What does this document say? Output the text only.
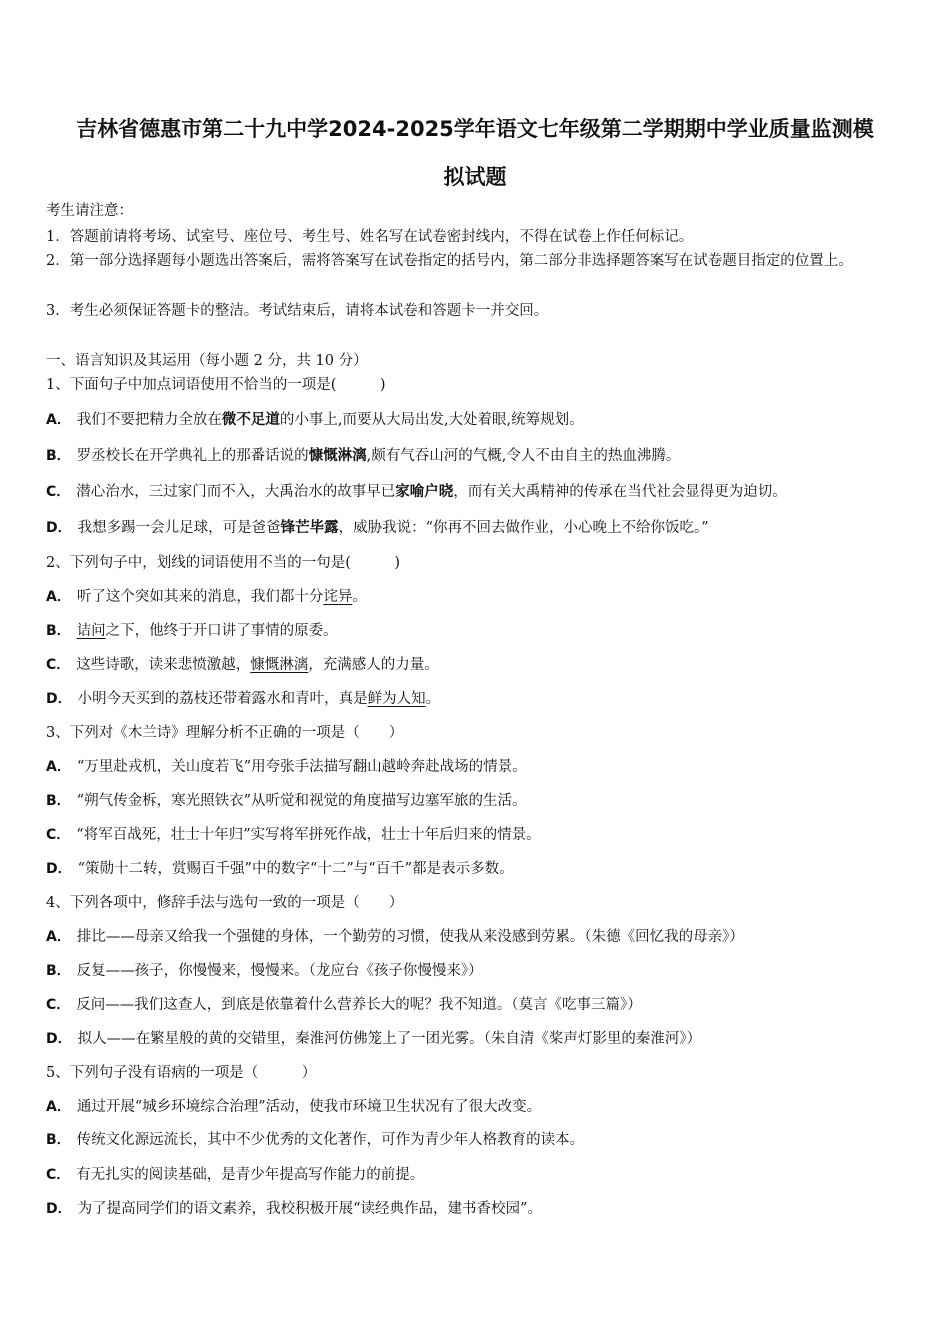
吉林省德惠市第二十九中学2024-2025学年语文七年级第二学期期中学业质量监测模
拟试题
考生请注意：
1．答题前请将考场、试室号、座位号、考生号、姓名写在试卷密封线内，不得在试卷上作任何标记。
2．第一部分选择题每小题选出答案后，需将答案写在试卷指定的括号内，第二部分非选择题答案写在试卷题目指定的位置上。
3．考生必须保证答题卡的整洁。考试结束后，请将本试卷和答题卡一并交回。
一、语言知识及其运用（每小题 2 分，共 10 分）
1、下面句子中加点词语使用不恰当的一项是(　　　)
A． 我们不要把精力全放在微不足道的小事上,而要从大局出发,大处着眼,统筹规划。
B． 罗丞校长在开学典礼上的那番话说的慷慨淋漓,颇有气吞山河的气概,令人不由自主的热血沸腾。
C． 潜心治水，三过家门而不入，大禹治水的故事早已家喻户晓，而有关大禹精神的传承在当代社会显得更为迫切。
D． 我想多踢一会儿足球，可是爸爸锋芒毕露，威胁我说：“你再不回去做作业，小心晚上不给你饭吃。”
2、下列句子中，划线的词语使用不当的一句是(　　　)
A． 听了这个突如其来的消息，我们都十分诧异。
B． 诘问之下，他终于开口讲了事情的原委。
C． 这些诗歌，读来悲愤激越，慷慨淋漓，充满感人的力量。
D． 小明今天买到的荔枝还带着露水和青叶，真是鲜为人知。
3、下列对《木兰诗》理解分析不正确的一项是（　　）
A． “万里赴戎机，关山度若飞”用夸张手法描写翻山越岭奔赴战场的情景。
B． “朔气传金柝，寒光照铁衣”从听觉和视觉的角度描写边塞军旅的生活。
C． “将军百战死，壮士十年归”实写将军拼死作战，壮士十年后归来的情景。
D． “策勋十二转，赏赐百千强”中的数字“十二”与“百千”都是表示多数。
4、下列各项中，修辞手法与选句一致的一项是（　　）
A． 排比——母亲又给我一个强健的身体，一个勤劳的习惯，使我从来没感到劳累。（朱德《回忆我的母亲》）
B． 反复——孩子，你慢慢来，慢慢来。（龙应台《孩子你慢慢来》）
C． 反问——我们这查人，到底是依靠着什么营养长大的呢？我不知道。（莫言《吃事三篇》）
D． 拟人——在繁星般的黄的交错里，秦淮河仿佛笼上了一团光雾。（朱自清《桨声灯影里的秦淮河》）
5、下列句子没有语病的一项是（　　　）
A． 通过开展“城乡环境综合治理”活动，使我市环境卫生状况有了很大改变。
B． 传统文化源远流长，其中不少优秀的文化著作，可作为青少年人格教育的读本。
C． 有无扎实的阅读基础，是青少年提高写作能力的前提。
D． 为了提高同学们的语文素养，我校积极开展“读经典作品，建书香校园”。
